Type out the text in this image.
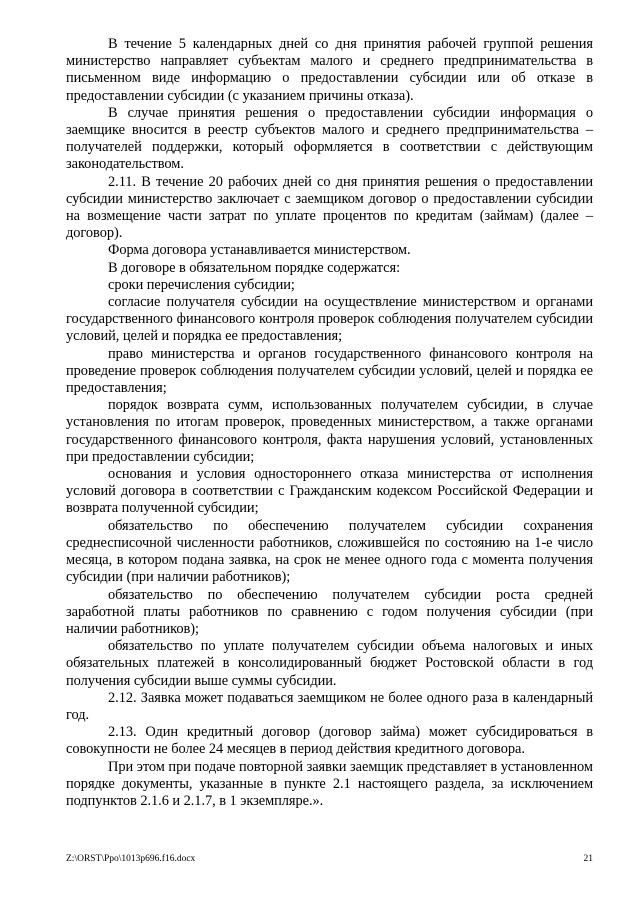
В течение 5 календарных дней со дня принятия рабочей группой решения министерство направляет субъектам малого и среднего предпринимательства в письменном виде информацию о предоставлении субсидии или об отказе в предоставлении субсидии (с указанием причины отказа).

В случае принятия решения о предоставлении субсидии информация о заемщике вносится в реестр субъектов малого и среднего предпринимательства – получателей поддержки, который оформляется в соответствии с действующим законодательством.

2.11. В течение 20 рабочих дней со дня принятия решения о предоставлении субсидии министерство заключает с заемщиком договор о предоставлении субсидии на возмещение части затрат по уплате процентов по кредитам (займам) (далее – договор).

Форма договора устанавливается министерством.

В договоре в обязательном порядке содержатся:

сроки перечисления субсидии;

согласие получателя субсидии на осуществление министерством и органами государственного финансового контроля проверок соблюдения получателем субсидии условий, целей и порядка ее предоставления;

право министерства и органов государственного финансового контроля на проведение проверок соблюдения получателем субсидии условий, целей и порядка ее предоставления;

порядок возврата сумм, использованных получателем субсидии, в случае установления по итогам проверок, проведенных министерством, а также органами государственного финансового контроля, факта нарушения условий, установленных при предоставлении субсидии;

основания и условия одностороннего отказа министерства от исполнения условий договора в соответствии с Гражданским кодексом Российской Федерации и возврата полученной субсидии;

обязательство по обеспечению получателем субсидии сохранения среднесписочной численности работников, сложившейся по состоянию на 1-е число месяца, в котором подана заявка, на срок не менее одного года с момента получения субсидии (при наличии работников);

обязательство по обеспечению получателем субсидии роста средней заработной платы работников по сравнению с годом получения субсидии (при наличии работников);

обязательство по уплате получателем субсидии объема налоговых и иных обязательных платежей в консолидированный бюджет Ростовской области в год получения субсидии выше суммы субсидии.

2.12. Заявка может подаваться заемщиком не более одного раза в календарный год.

2.13. Один кредитный договор (договор займа) может субсидироваться в совокупности не более 24 месяцев в период действия кредитного договора.

При этом при подаче повторной заявки заемщик представляет в установленном порядке документы, указанные в пункте 2.1 настоящего раздела, за исключением подпунктов 2.1.6 и 2.1.7, в 1 экземпляре.».

Z:\ORST\Ppo\1013p696.f16.docx	21
